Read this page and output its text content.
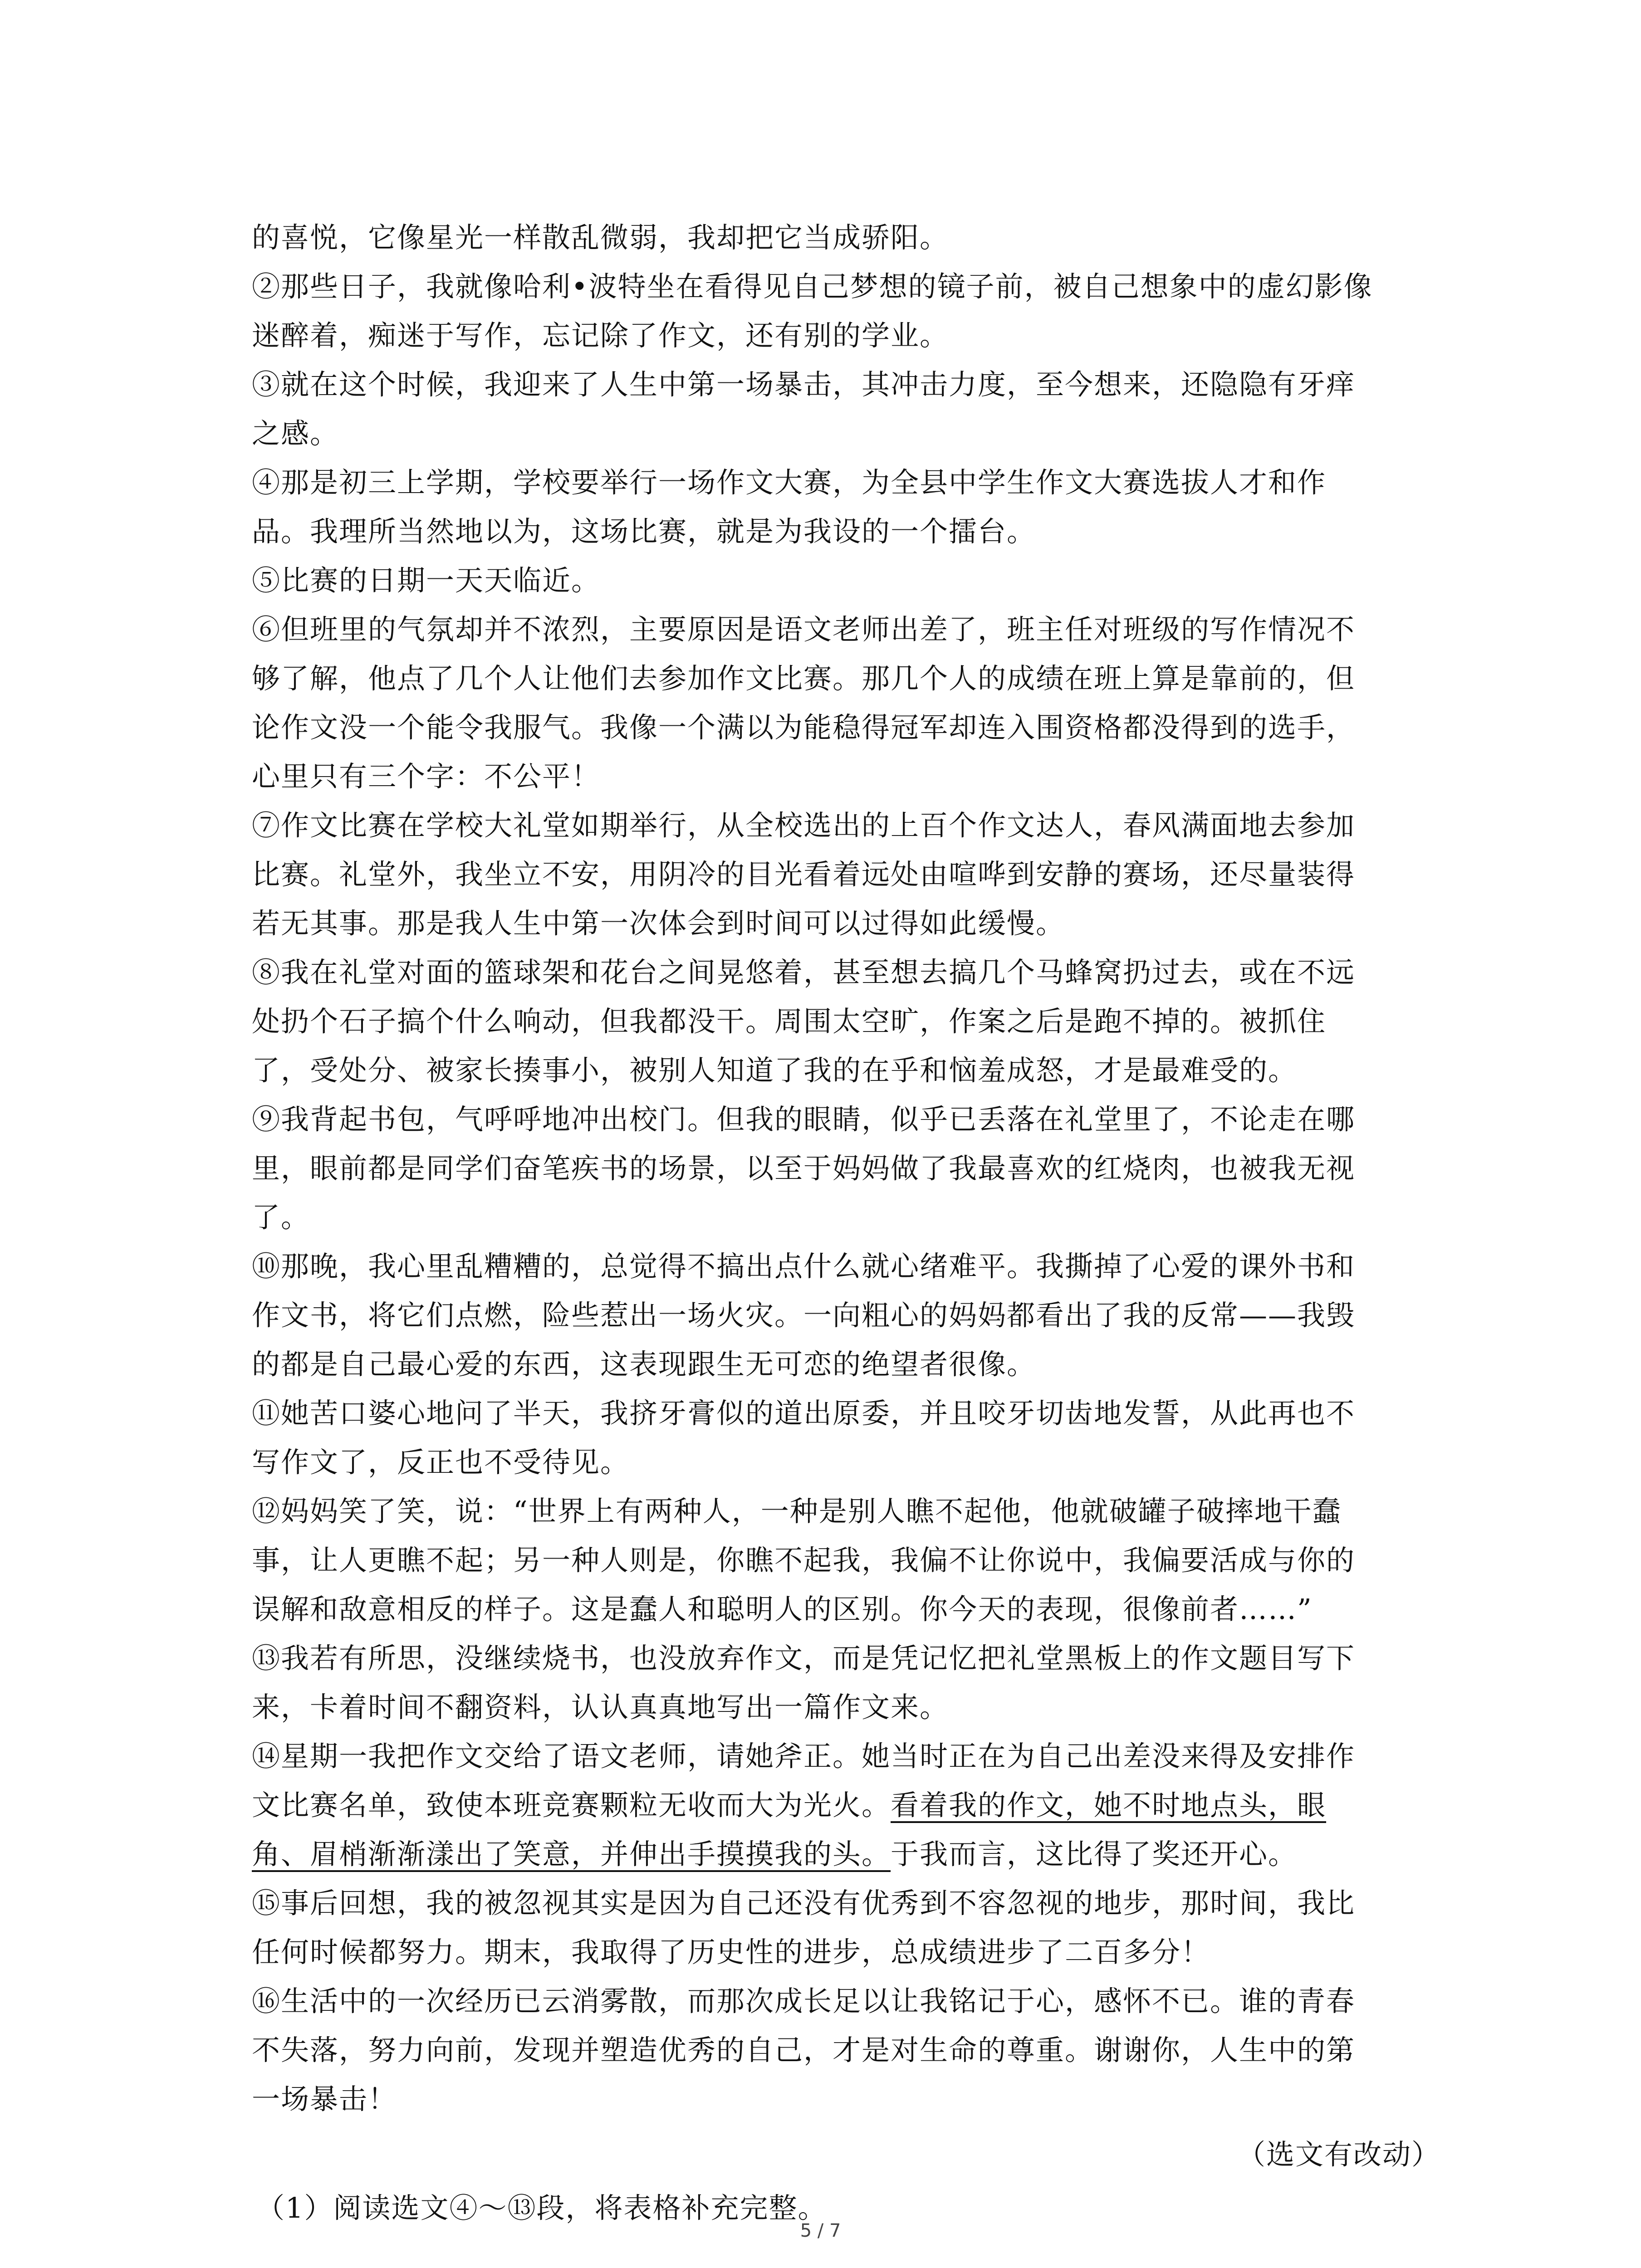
的喜悦，它像星光一样散乱微弱，我却把它当成骄阳。
②那些日子，我就像哈利•波特坐在看得见自己梦想的镜子前，被自己想象中的虚幻影像
迷醉着，痴迷于写作，忘记除了作文，还有别的学业。
③就在这个时候，我迎来了人生中第一场暴击，其冲击力度，至今想来，还隐隐有牙痒
之感。
④那是初三上学期，学校要举行一场作文大赛，为全县中学生作文大赛选拔人才和作
品。我理所当然地以为，这场比赛，就是为我设的一个擂台。
⑤比赛的日期一天天临近。
⑥但班里的气氛却并不浓烈，主要原因是语文老师出差了，班主任对班级的写作情况不
够了解，他点了几个人让他们去参加作文比赛。那几个人的成绩在班上算是靠前的，但
论作文没一个能令我服气。我像一个满以为能稳得冠军却连入围资格都没得到的选手，
心里只有三个字：不公平！
⑦作文比赛在学校大礼堂如期举行，从全校选出的上百个作文达人，春风满面地去参加
比赛。礼堂外，我坐立不安，用阴冷的目光看着远处由喧哗到安静的赛场，还尽量装得
若无其事。那是我人生中第一次体会到时间可以过得如此缓慢。
⑧我在礼堂对面的篮球架和花台之间晃悠着，甚至想去搞几个马蜂窝扔过去，或在不远
处扔个石子搞个什么响动，但我都没干。周围太空旷，作案之后是跑不掉的。被抓住
了，受处分、被家长揍事小，被别人知道了我的在乎和恼羞成怒，才是最难受的。
⑨我背起书包，气呼呼地冲出校门。但我的眼睛，似乎已丢落在礼堂里了，不论走在哪
里，眼前都是同学们奋笔疾书的场景，以至于妈妈做了我最喜欢的红烧肉，也被我无视
了。
⑩那晚，我心里乱糟糟的，总觉得不搞出点什么就心绪难平。我撕掉了心爱的课外书和
作文书，将它们点燃，险些惹出一场火灾。一向粗心的妈妈都看出了我的反常——我毁
的都是自己最心爱的东西，这表现跟生无可恋的绝望者很像。
⑪她苦口婆心地问了半天，我挤牙膏似的道出原委，并且咬牙切齿地发誓，从此再也不
写作文了，反正也不受待见。
⑫妈妈笑了笑，说：“世界上有两种人，一种是别人瞧不起他，他就破罐子破摔地干蠢
事，让人更瞧不起；另一种人则是，你瞧不起我，我偏不让你说中，我偏要活成与你的
误解和敌意相反的样子。这是蠢人和聪明人的区别。你今天的表现，很像前者……”
⑬我若有所思，没继续烧书，也没放弃作文，而是凭记忆把礼堂黑板上的作文题目写下
来，卡着时间不翻资料，认认真真地写出一篇作文来。
⑭星期一我把作文交给了语文老师，请她斧正。她当时正在为自己出差没来得及安排作
文比赛名单，致使本班竞赛颗粒无收而大为光火。看着我的作文，她不时地点头，眼
角、眉梢渐渐漾出了笑意，并伸出手摸摸我的头。于我而言，这比得了奖还开心。
⑮事后回想，我的被忽视其实是因为自己还没有优秀到不容忽视的地步，那时间，我比
任何时候都努力。期末，我取得了历史性的进步，总成绩进步了二百多分！
⑯生活中的一次经历已云消雾散，而那次成长足以让我铭记于心，感怀不已。谁的青春
不失落，努力向前，发现并塑造优秀的自己，才是对生命的尊重。谢谢你，人生中的第
一场暴击！
（选文有改动）
（1）阅读选文④～⑬段，将表格补充完整。
5 / 7
